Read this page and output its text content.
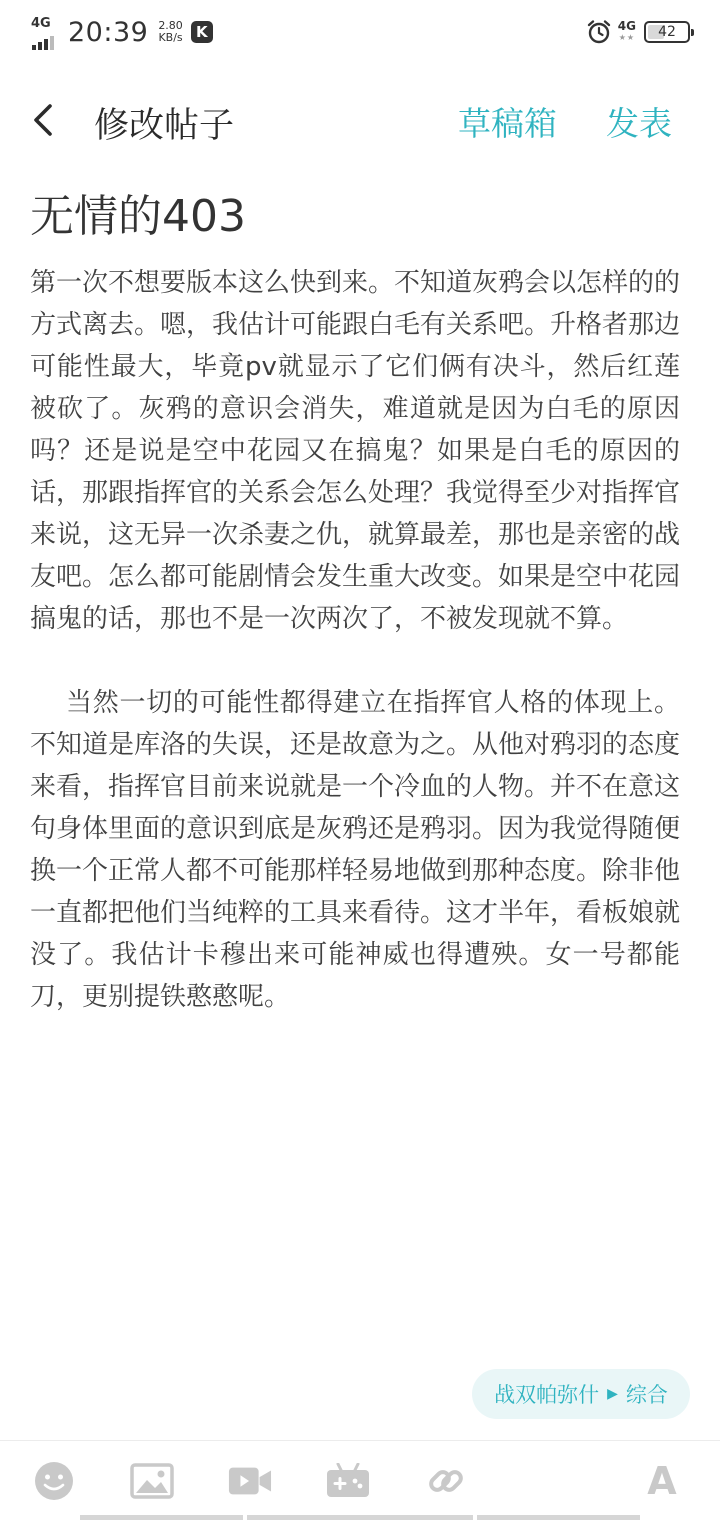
4G 20:39 2.80
KB/s K	4G
★★ 42
修改帖子	草稿箱 发表
无情的403
第一次不想要版本这么快到来。不知道灰鸦会以怎样的的方式离去。嗯，我估计可能跟白毛有关系吧。升格者那边可能性最大，毕竟pv就显示了它们俩有决斗，然后红莲被砍了。灰鸦的意识会消失，难道就是因为白毛的原因吗？还是说是空中花园又在搞鬼？如果是白毛的原因的话，那跟指挥官的关系会怎么处理？我觉得至少对指挥官来说，这无异一次杀妻之仇，就算最差，那也是亲密的战友吧。怎么都可能剧情会发生重大改变。如果是空中花园搞鬼的话，那也不是一次两次了，不被发现就不算。
当然一切的可能性都得建立在指挥官人格的体现上。不知道是库洛的失误，还是故意为之。从他对鸦羽的态度来看，指挥官目前来说就是一个冷血的人物。并不在意这句身体里面的意识到底是灰鸦还是鸦羽。因为我觉得随便换一个正常人都不可能那样轻易地做到那种态度。除非他一直都把他们当纯粹的工具来看待。这才半年，看板娘就没了。我估计卡穆出来可能神威也得遭殃。女一号都能刀，更别提铁憨憨呢。
战双帕弥什 ▶ 综合
A
